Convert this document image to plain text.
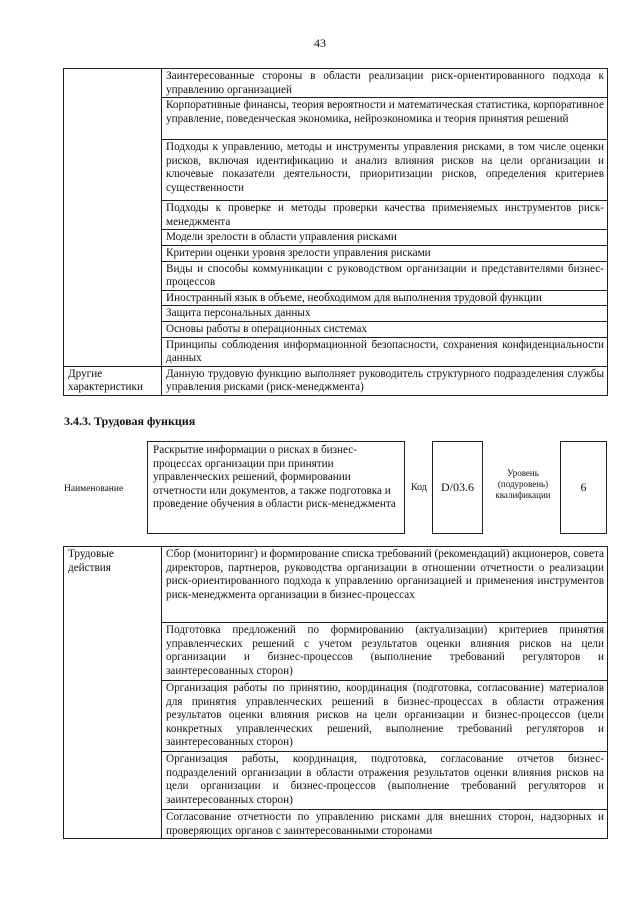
43

	Заинтересованные стороны в области реализации риск-ориентированного подхода к управлению организацией

	Корпоративные финансы, теория вероятности и математическая статистика, корпоративное управление, поведенческая экономика, нейроэкономика и теория принятия решений

	Подходы к управлению, методы и инструменты управления рисками, в том числе оценки рисков, включая идентификацию и анализ влияния рисков на цели организации и ключевые показатели деятельности, приоритизации рисков, определения критериев существенности

	Подходы к проверке и методы проверки качества применяемых инструментов риск-менеджмента

	Модели зрелости в области управления рисками

	Критерии оценки уровня зрелости управления рисками

	Виды и способы коммуникации с руководством организации и представителями бизнес-процессов

	Иностранный язык в объеме, необходимом для выполнения трудовой функции

	Защита персональных данных

	Основы работы в операционных системах

	Принципы соблюдения информационной безопасности, сохранения конфиденциальности данных

Другие характеристики	Данную трудовую функцию выполняет руководитель структурного подразделения службы управления рисками (риск-менеджмента)
3.4.3. Трудовая функция
Наименование
Раскрытие информации о рисках в бизнес-процессах организации при принятии управленческих решений, формировании отчетности или документов, а также подготовка и проведение обучения в области риск-менеджмента
Код	D/03.6
Уровень (подуровень) квалификации
6
Трудовые действия

Сбор (мониторинг) и формирование списка требований (рекомендаций) акционеров, совета директоров, партнеров, руководства организации в отношении отчетности о реализации риск-ориентированного подхода к управлению организацией и применения инструментов риск-менеджмента организации в бизнес-процессах

Подготовка предложений по формированию (актуализации) критериев принятия управленческих решений с учетом результатов оценки влияния рисков на цели организации и бизнес-процессов (выполнение требований регуляторов и заинтересованных сторон)

Организация работы по принятию, координация (подготовка, согласование) материалов для принятия управленческих решений в бизнес-процессах в области отражения результатов оценки влияния рисков на цели организации и бизнес-процессов (цели конкретных управленческих решений, выполнение требований регуляторов и заинтересованных сторон)

Организация работы, координация, подготовка, согласование отчетов бизнес-подразделений организации в области отражения результатов оценки влияния рисков на цели организации и бизнес-процессов (выполнение требований регуляторов и заинтересованных сторон)

Согласование отчетности по управлению рисками для внешних сторон, надзорных и проверяющих органов с заинтересованными сторонами
